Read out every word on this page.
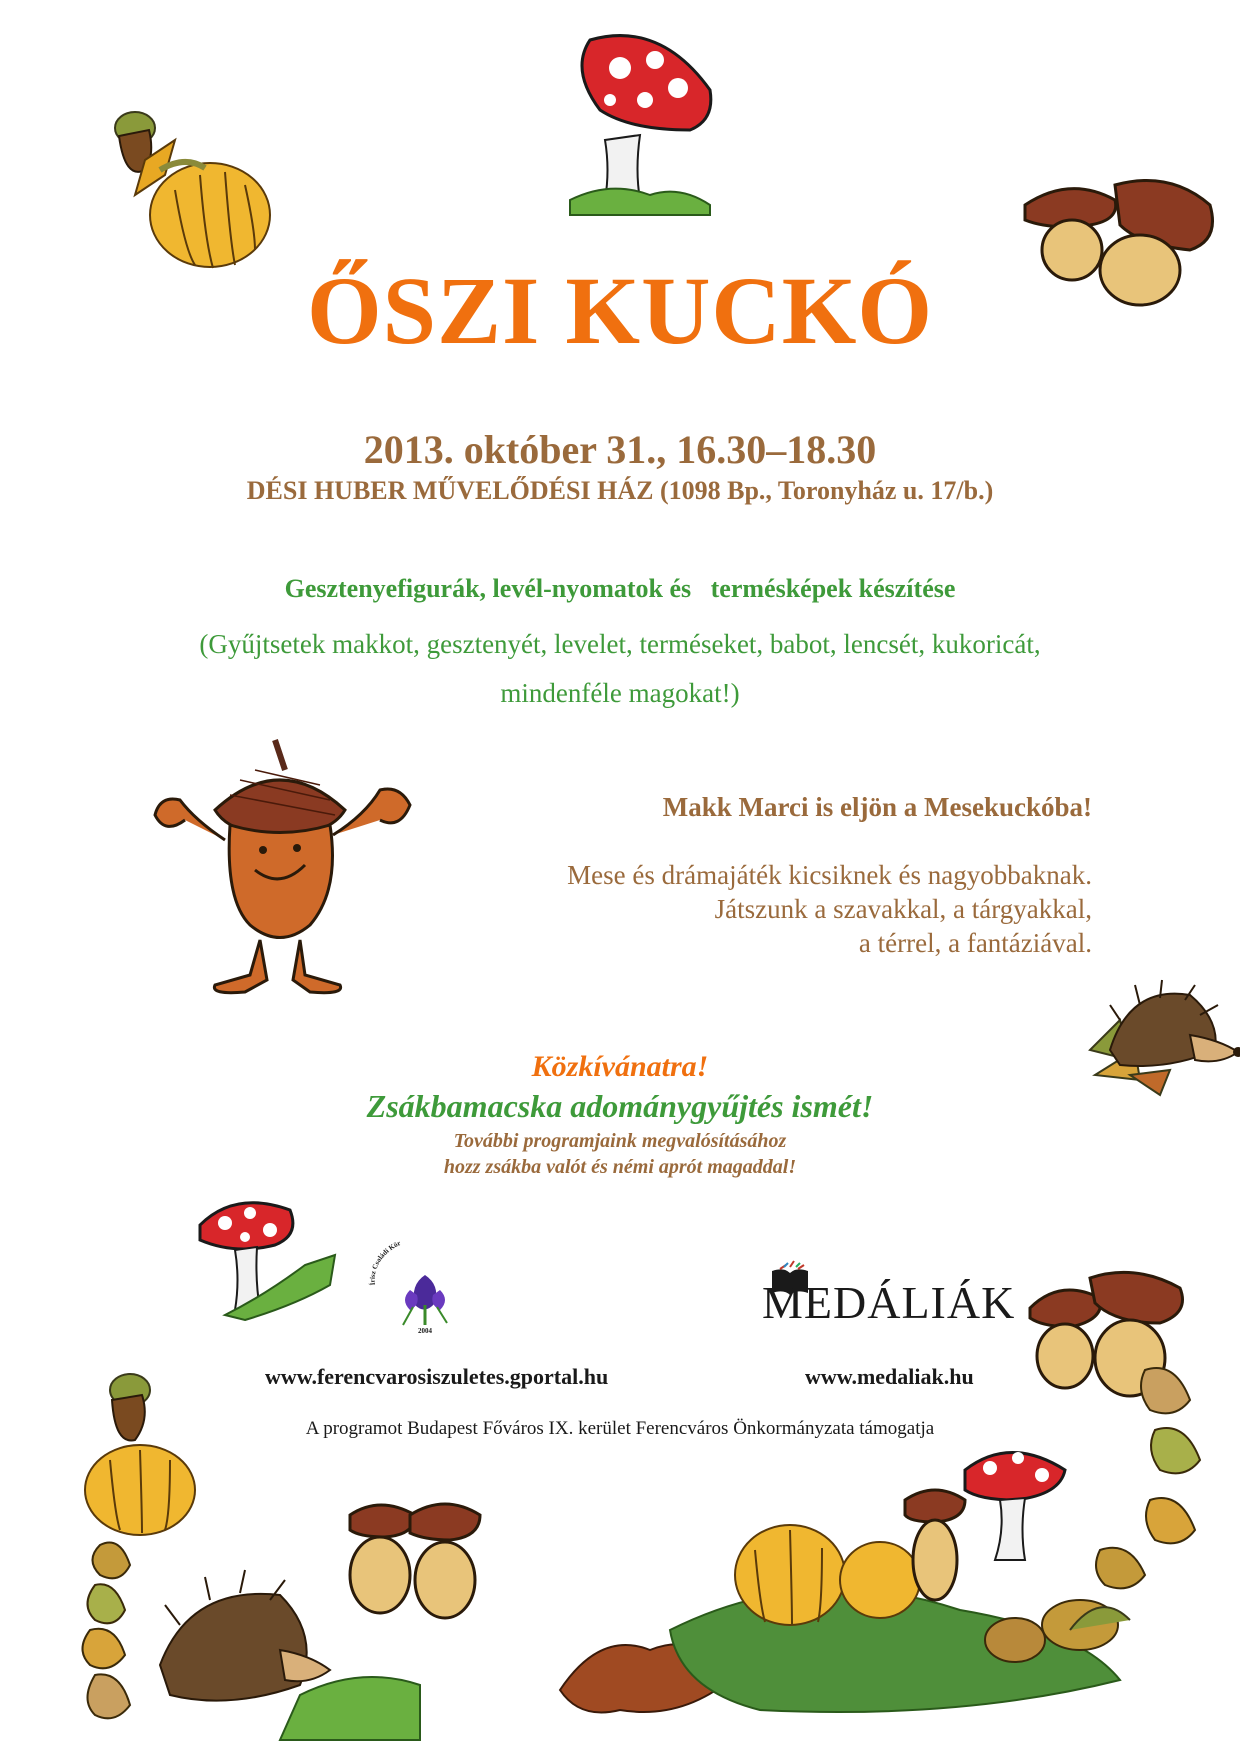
ŐSZI KUCKÓ
2013. október 31., 16.30–18.30
DÉSI HUBER MŰVELŐDÉSI HÁZ (1098 Bp., Toronyház u. 17/b.)
Gesztenyefigurák, levél-nyomatok és   termésképek készítése
(Gyűjtsetek makkot, gesztenyét, levelet, terméseket, babot, lencsét, kukoricát,
mindenféle magokat!)
Makk Marci is eljön a Mesekuckóba!
Mese és drámajáték kicsiknek és nagyobbaknak.
Játszunk a szavakkal, a tárgyakkal,
a térrel, a fantáziával.
Közkívánatra!
Zsákbamacska adománygyűjtés ismét!
További programjaink megvalósításához
hozz zsákba valót és némi aprót magaddal!
Írisz Családi Kör
2004
MEDÁLIÁK
www.ferencvarosiszuletes.gportal.hu	www.medaliak.hu
A programot Budapest Főváros IX. kerület Ferencváros Önkormányzata támogatja
